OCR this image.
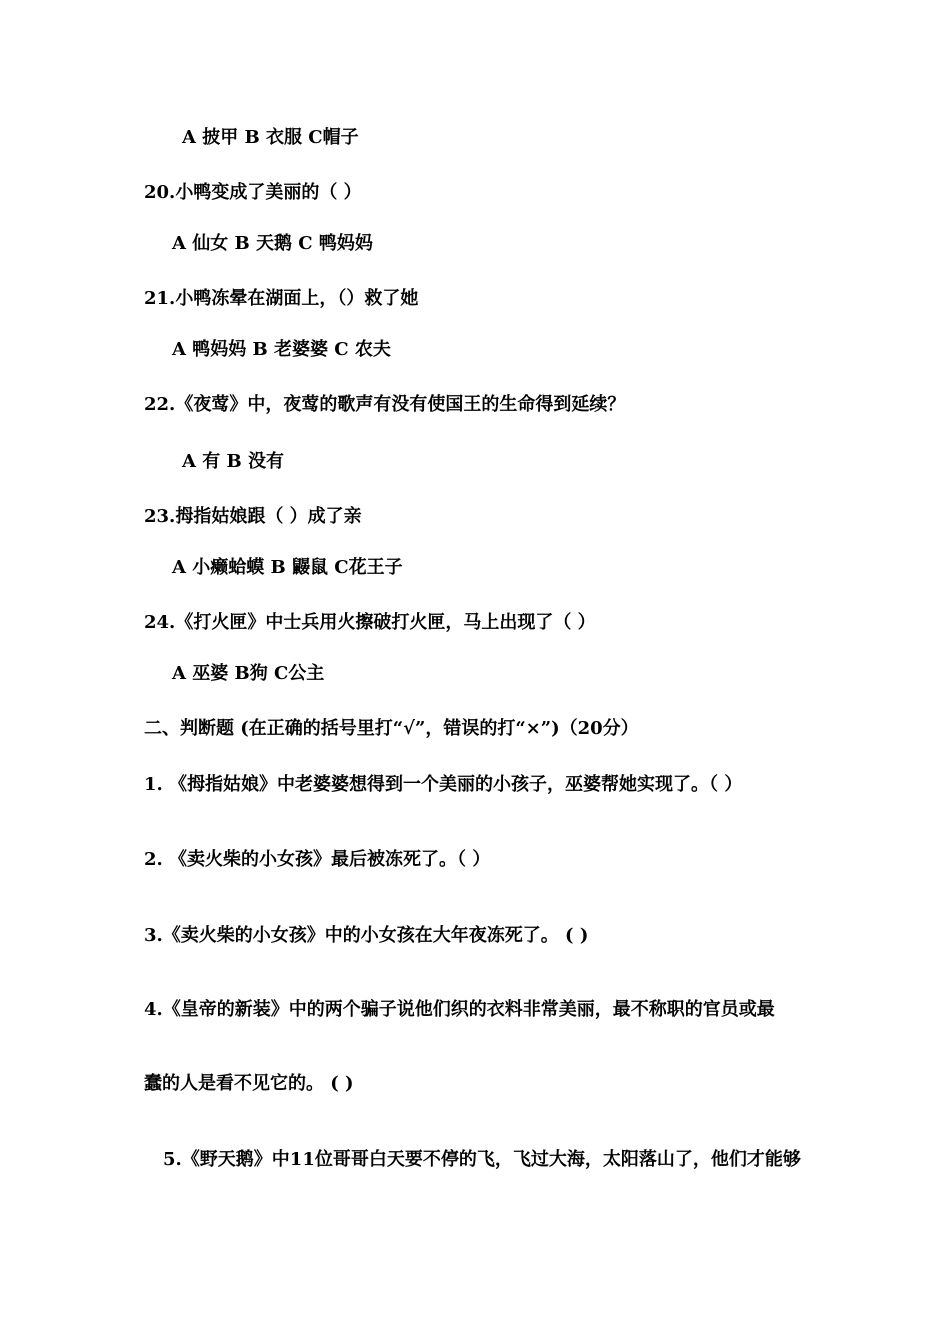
A 披甲 B 衣服 C帽子
20.小鸭变成了美丽的（ ）
A 仙女 B 天鹅 C 鸭妈妈
21.小鸭冻晕在湖面上，（）救了她
A 鸭妈妈 B 老婆婆 C 农夫
22.《夜莺》中，夜莺的歌声有没有使国王的生命得到延续？
A 有 B 没有
23.拇指姑娘跟（ ）成了亲
A 小癞蛤蟆 B 鼹鼠 C花王子
24.《打火匣》中士兵用火擦破打火匣，马上出现了（ ）
A 巫婆 B狗 C公主
二、判断题 (在正确的括号里打“√”，错误的打“×”)（20分）
1. 《拇指姑娘》中老婆婆想得到一个美丽的小孩子，巫婆帮她实现了。（ ）
2. 《卖火柴的小女孩》最后被冻死了。（ ）
3.《卖火柴的小女孩》中的小女孩在大年夜冻死了。 ( )
4.《皇帝的新装》中的两个骗子说他们织的衣料非常美丽，最不称职的官员或最
蠢的人是看不见它的。 ( )
5.《野天鹅》中11位哥哥白天要不停的飞，飞过大海，太阳落山了，他们才能够
